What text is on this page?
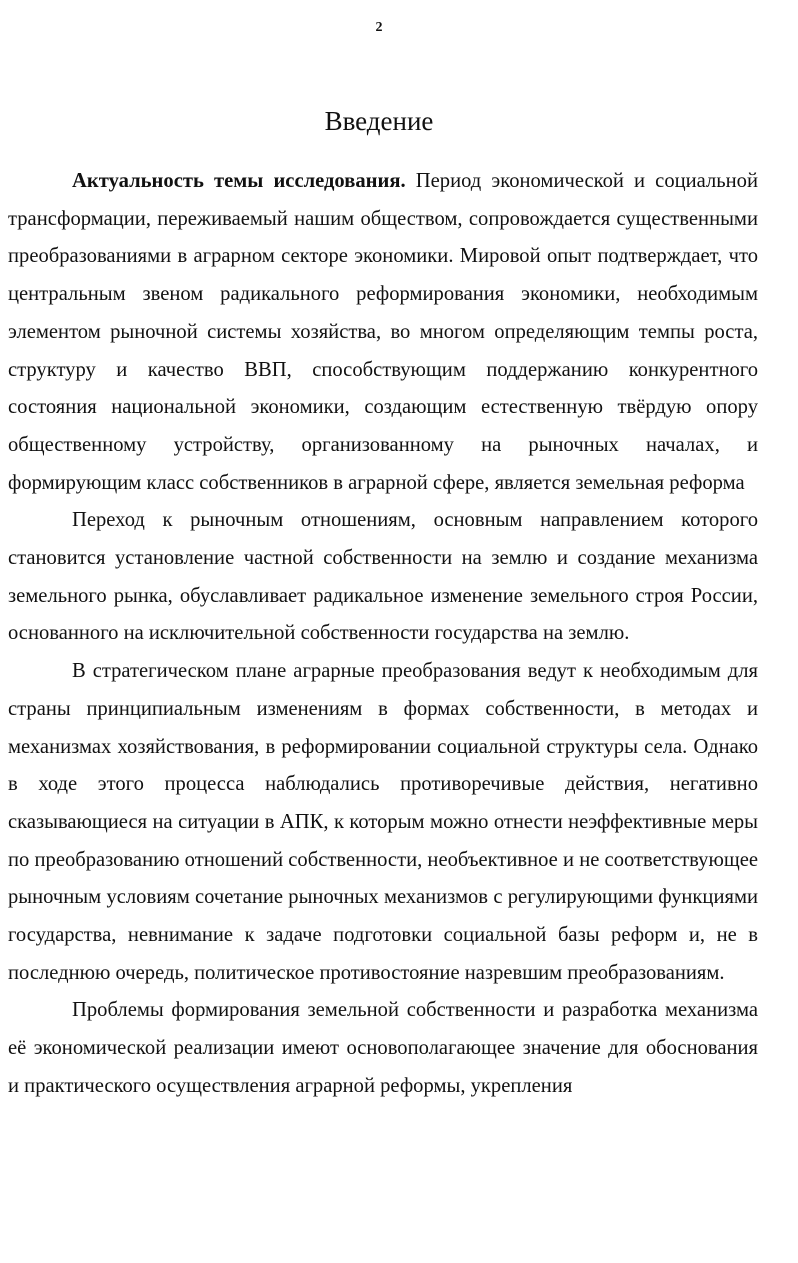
2
Введение

Актуальность темы исследования. Период экономической и социальной трансформации, переживаемый нашим обществом, сопровождается существенными преобразованиями в аграрном секторе экономики. Мировой опыт подтверждает, что центральным звеном радикального реформирования экономики, необходимым элементом рыночной системы хозяйства, во многом определяющим темпы роста, структуру и качество ВВП, способствующим поддержанию конкурентного состояния национальной экономики, создающим естественную твёрдую опору общественному устройству, организованному на рыночных началах, и формирующим класс собственников в аграрной сфере, является земельная реформа

Переход к рыночным отношениям, основным направлением которого становится установление частной собственности на землю и создание механизма земельного рынка, обуславливает радикальное изменение земельного строя России, основанного на исключительной собственности государства на землю.

В стратегическом плане аграрные преобразования ведут к необходимым для страны принципиальным изменениям в формах собственности, в методах и механизмах хозяйствования, в реформировании социальной структуры села. Однако в ходе этого процесса наблюдались противоречивые действия, негативно сказывающиеся на ситуации в АПК, к которым можно отнести неэффективные меры по преобразованию отношений собственности, необъективное и не соответствующее рыночным условиям сочетание рыночных механизмов с регулирующими функциями государства, невнимание к задаче подготовки социальной базы реформ и, не в последнюю очередь, политическое противостояние назревшим преобразованиям.

Проблемы формирования земельной собственности и разработка механизма её экономической реализации имеют основополагающее значение для обоснования и практического осуществления аграрной реформы, укрепления
